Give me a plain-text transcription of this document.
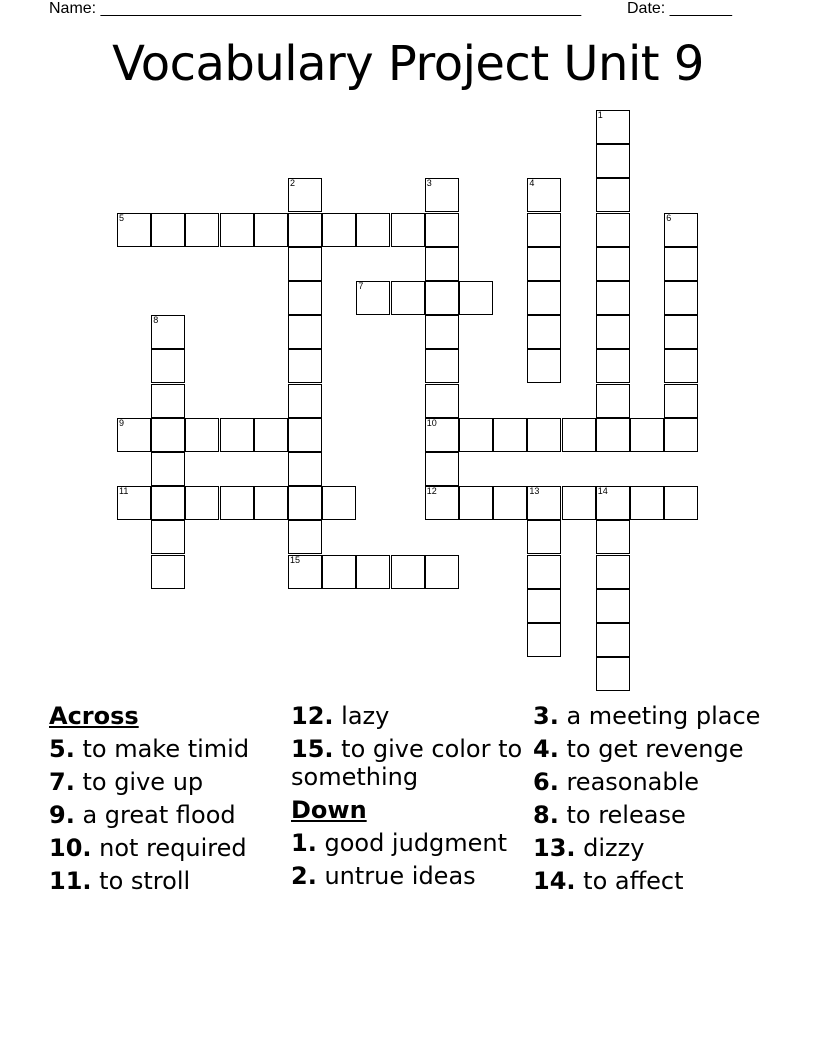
Name: ______________________________________________________	Date: _______
Vocabulary Project Unit 9
1
2
15
3
10
4
5	6
7
8
9
11	12	13	14
Across
5. to make timid
7. to give up
9. a great flood
10. not required
11. to stroll
12. lazy
15. to give color to something
Down
1. good judgment
2. untrue ideas
3. a meeting place
4. to get revenge
6. reasonable
8. to release
13. dizzy
14. to affect
